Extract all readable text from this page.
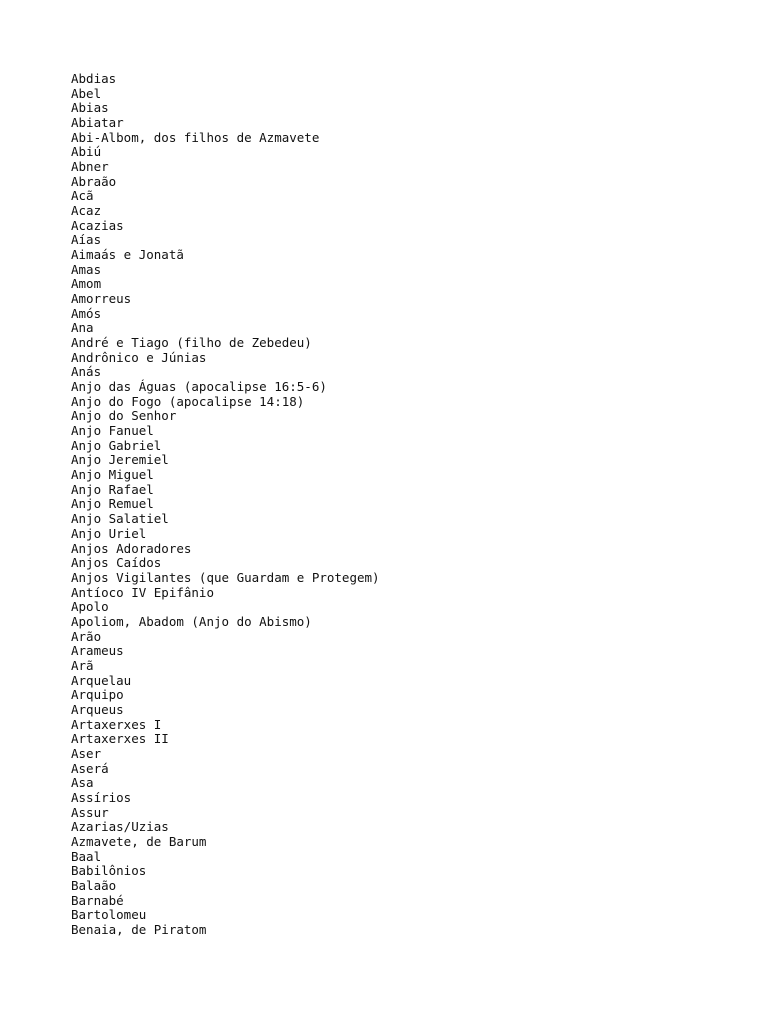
Abdias
Abel
Abias
Abiatar
Abi-Albom, dos filhos de Azmavete
Abiú
Abner
Abraão
Acã
Acaz
Acazias
Aías
Aimaás e Jonatã
Amas
Amom
Amorreus
Amós
Ana
André e Tiago (filho de Zebedeu)
Andrônico e Júnias
Anás
Anjo das Águas (apocalipse 16:5-6)
Anjo do Fogo (apocalipse 14:18)
Anjo do Senhor
Anjo Fanuel
Anjo Gabriel
Anjo Jeremiel
Anjo Miguel
Anjo Rafael
Anjo Remuel
Anjo Salatiel
Anjo Uriel
Anjos Adoradores
Anjos Caídos
Anjos Vigilantes (que Guardam e Protegem)
Antíoco IV Epifânio
Apolo
Apoliom, Abadom (Anjo do Abismo)
Arão
Arameus
Arã
Arquelau
Arquipo
Arqueus
Artaxerxes I
Artaxerxes II
Aser
Aserá
Asa
Assírios
Assur
Azarias/Uzias
Azmavete, de Barum
Baal
Babilônios
Balaão
Barnabé
Bartolomeu
Benaia, de Piratom
